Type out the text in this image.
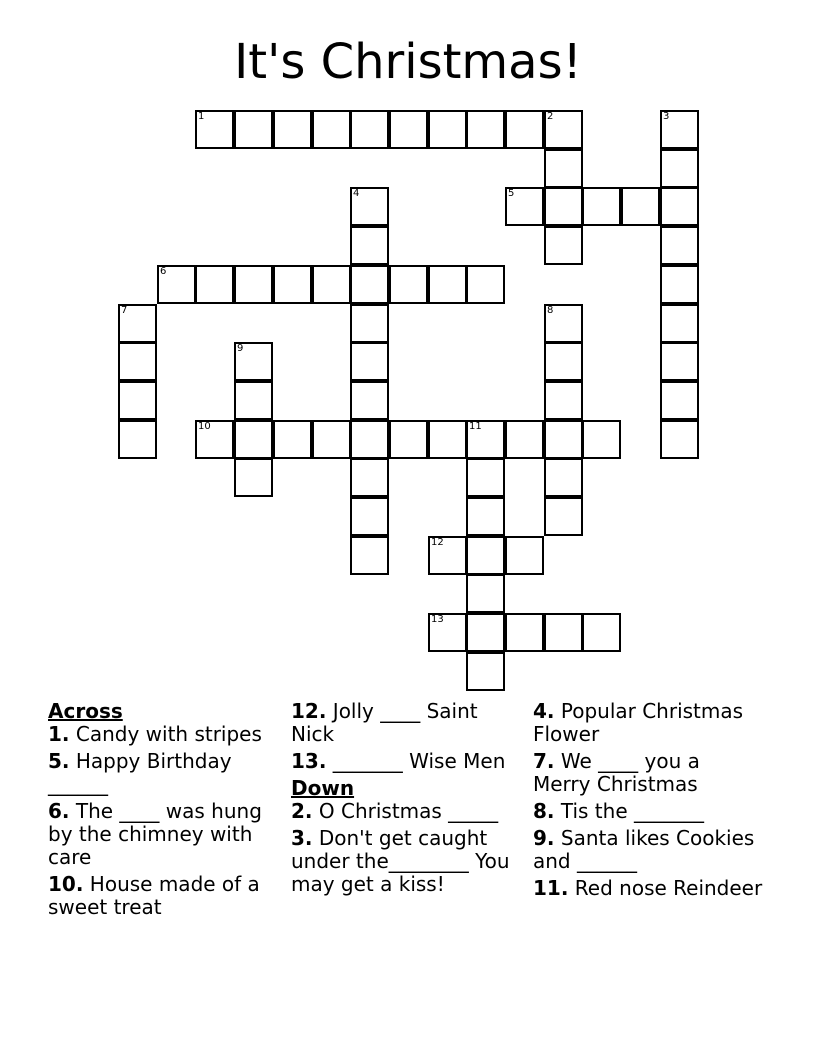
It's Christmas!
1	2
10	11
5
6
12
13
3
4
7	8
9
Across
1. Candy with stripes
5. Happy Birthday ______
6. The ____ was hung by the chimney with care
10. House made of a sweet treat
12. Jolly ____ Saint Nick
13. _______ Wise Men
Down
2. O Christmas _____
3. Don't get caught under the________ You may get a kiss!
4. Popular Christmas Flower
7. We ____ you a Merry Christmas
8. Tis the _______
9. Santa likes Cookies and ______
11. Red nose Reindeer
